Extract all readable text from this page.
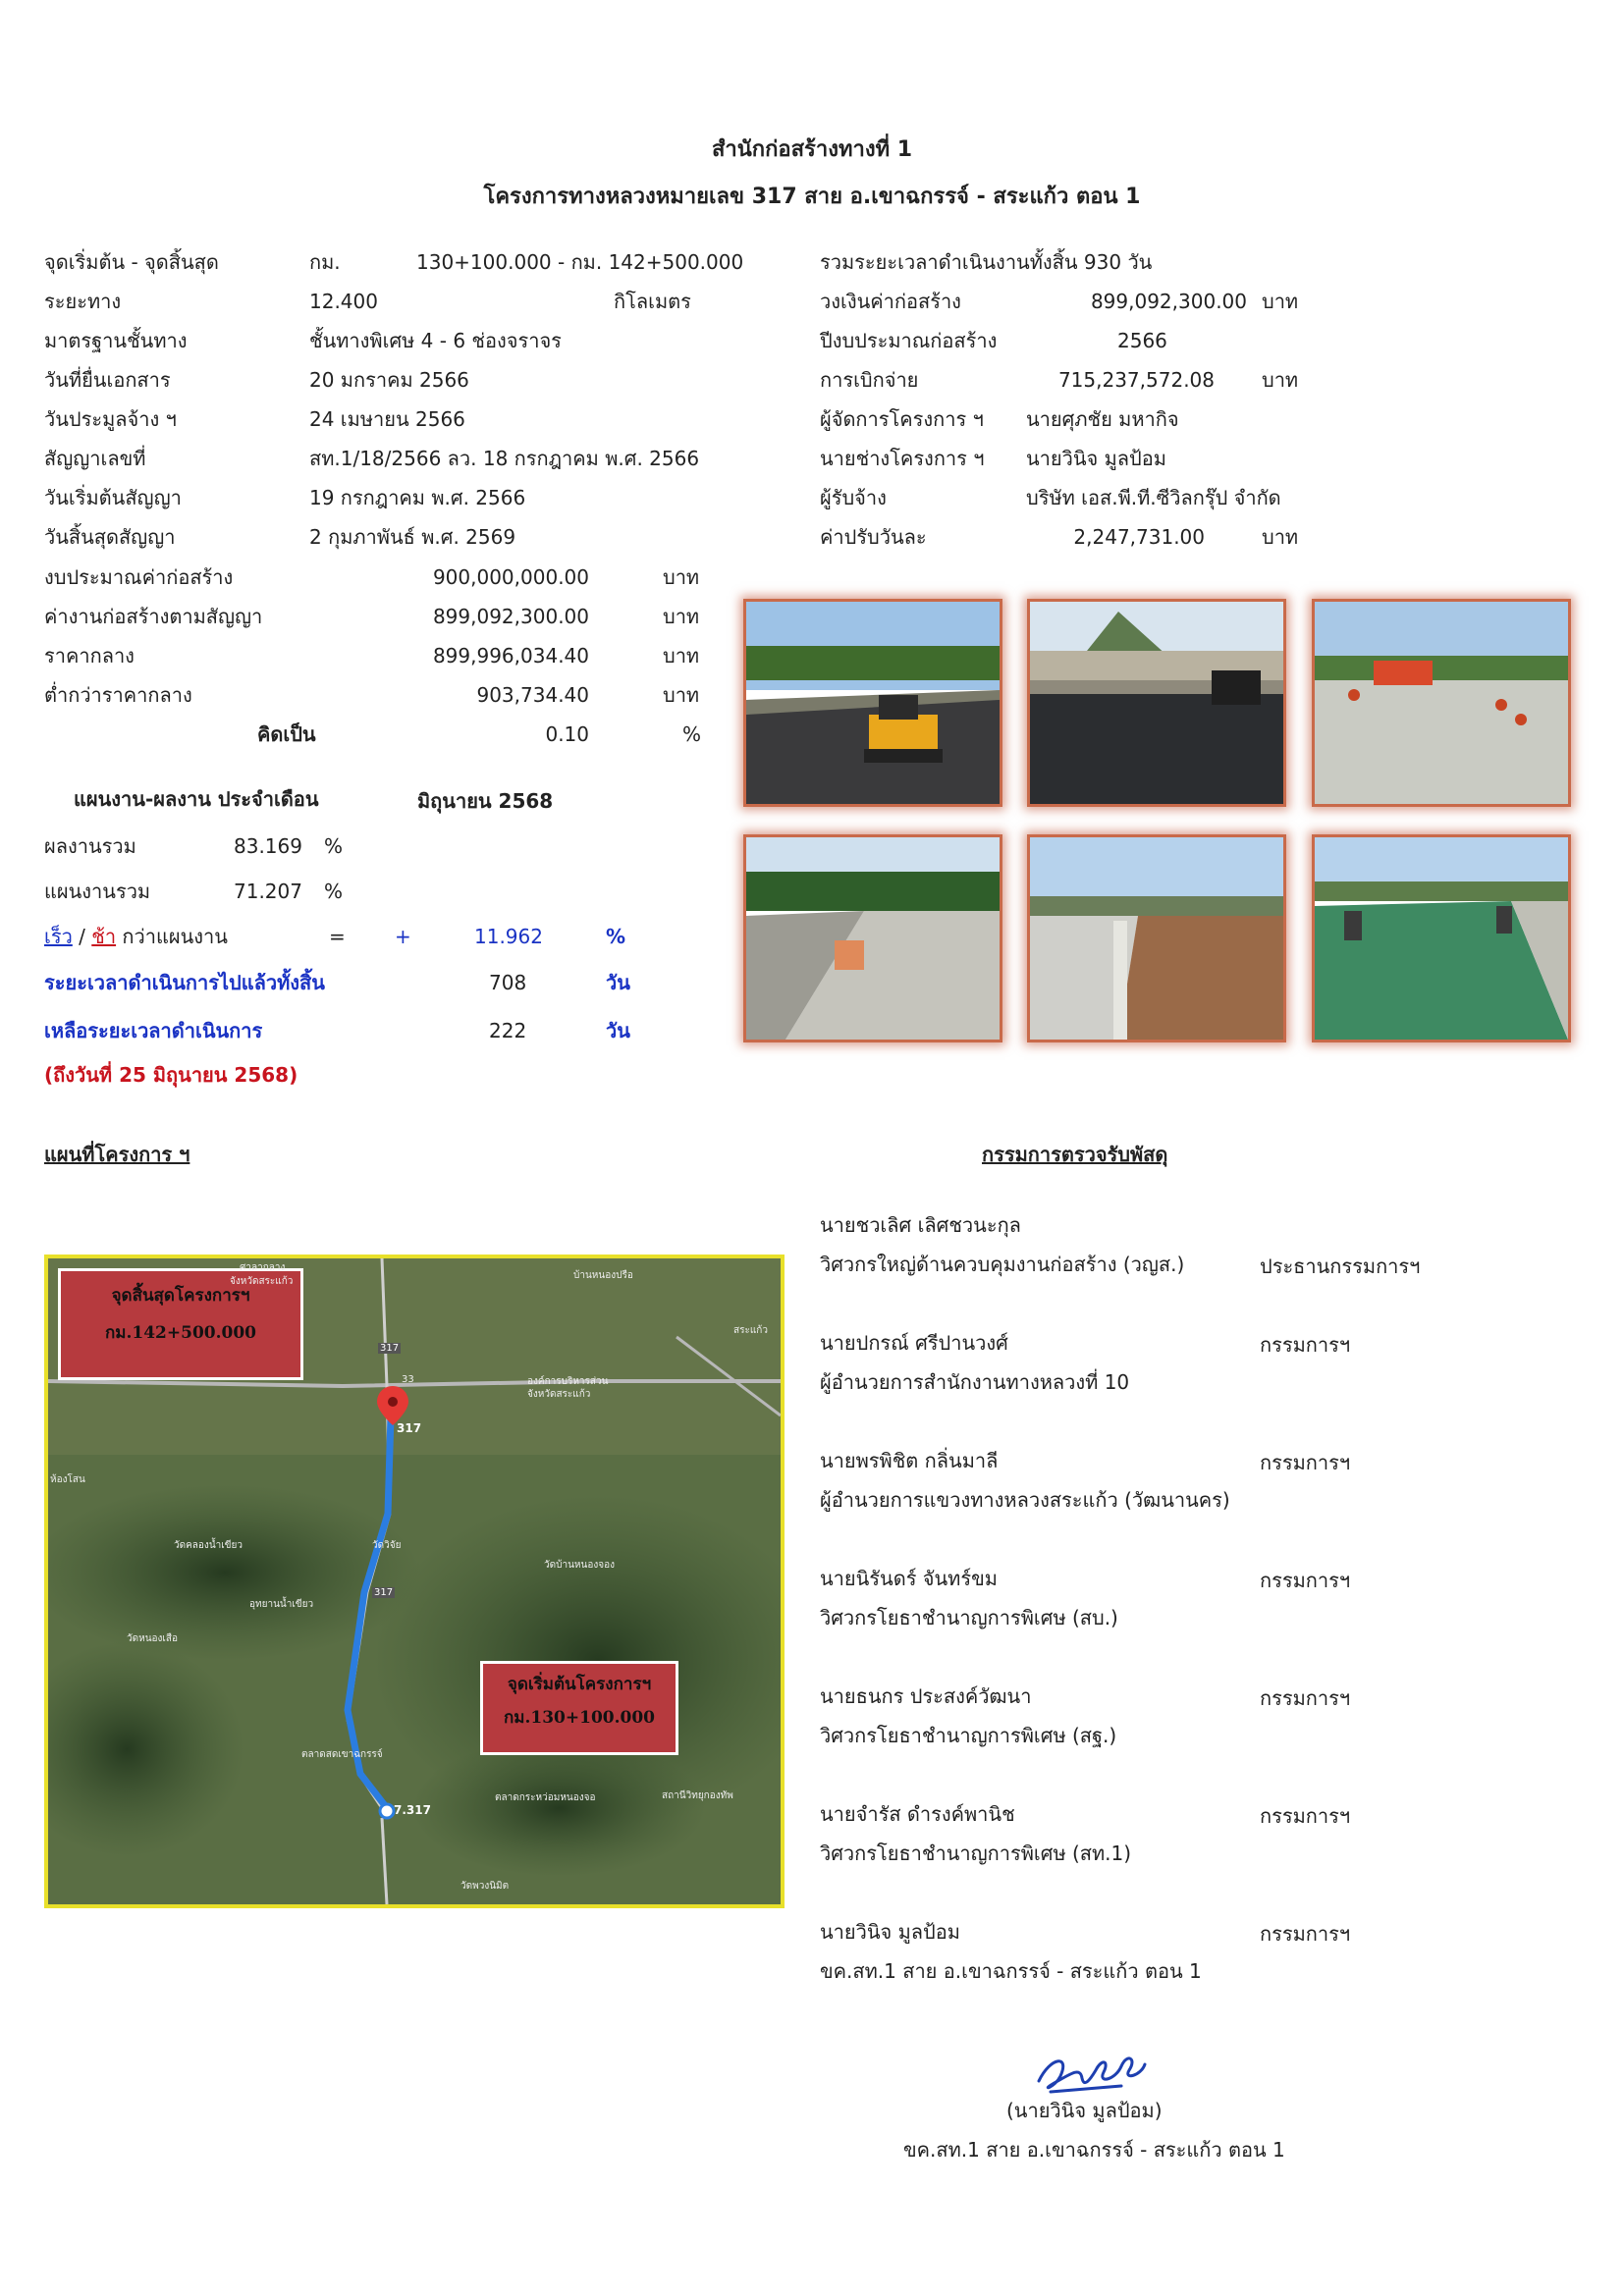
สำนักก่อสร้างทางที่ 1
โครงการทางหลวงหมายเลข 317 สาย อ.เขาฉกรรจ์ - สระแก้ว ตอน 1
จุดเริ่มต้น - จุดสิ้นสุด	กม.	130+100.000 - กม. 142+500.000
ระยะทาง	12.400	กิโลเมตร
มาตรฐานชั้นทาง	ชั้นทางพิเศษ 4 - 6 ช่องจราจร
วันที่ยื่นเอกสาร	20 มกราคม 2566
วันประมูลจ้าง ฯ	24 เมษายน 2566
สัญญาเลขที่	สท.1/18/2566 ลว. 18 กรกฎาคม พ.ศ. 2566
วันเริ่มต้นสัญญา	19 กรกฎาคม พ.ศ. 2566
วันสิ้นสุดสัญญา	2 กุมภาพันธ์ พ.ศ. 2569
งบประมาณค่าก่อสร้าง	900,000,000.00	บาท
ค่างานก่อสร้างตามสัญญา	899,092,300.00	บาท
ราคากลาง	899,996,034.40	บาท
ต่ำกว่าราคากลาง	903,734.40	บาท
คิดเป็น	0.10	%
รวมระยะเวลาดำเนินงานทั้งสิ้น 930 วัน
วงเงินค่าก่อสร้าง	899,092,300.00 บาท
ปีงบประมาณก่อสร้าง	2566
การเบิกจ่าย	715,237,572.08 บาท
ผู้จัดการโครงการ ฯ นายศุภชัย มหากิจ
นายช่างโครงการ ฯ นายวินิจ มูลป้อม
ผู้รับจ้าง	บริษัท เอส.พี.ที.ซีวิลกรุ๊ป จำกัด
ค่าปรับวันละ	2,247,731.00	บาท
แผนงาน-ผลงาน ประจำเดือน	มิถุนายน 2568
ผลงานรวม	83.169 %
แผนงานรวม	71.207 %
เร็ว / ช้า กว่าแผนงาน	=	+	11.962	%
ระยะเวลาดำเนินการไปแล้วทั้งสิ้น	708	วัน
เหลือระยะเวลาดำเนินการ	222	วัน
(ถึงวันที่ 25 มิถุนายน 2568)
แผนที่โครงการ ฯ
จุดสิ้นสุดโครงการฯ
กม.142+500.000
จุดเริ่มต้นโครงการฯ
กม.130+100.000
ศาลากลาง
จังหวัดสระแก้ว
บ้านหนองปรือ
สระแก้ว
องค์การบริหารส่วน
จังหวัดสระแก้ว
317
33
ห้องโสน
วัดคลองน้ำเขียว	วัดวิจัย
วัดบ้านหนองจอง
อุทยานน้ำเขียว
วัดหนองเสือ
ตลาดสดเขาฉกรรจ์
ตลาดกระหว่อมหนองจอ	สถานีวิทยุกองทัพ
วัดพวงนิมิต
7.317
317
317
กรรมการตรวจรับพัสดุ
นายชวเลิศ เลิศชวนะกุล
วิศวกรใหญ่ด้านควบคุมงานก่อสร้าง (วญส.)	ประธานกรรมการฯ
นายปกรณ์ ศรีปานวงศ์	กรรมการฯ
ผู้อำนวยการสำนักงานทางหลวงที่ 10
นายพรพิชิต กลิ่นมาลี	กรรมการฯ
ผู้อำนวยการแขวงทางหลวงสระแก้ว (วัฒนานคร)
นายนิรันดร์ จันทร์ขม	กรรมการฯ
วิศวกรโยธาชำนาญการพิเศษ (สบ.)
นายธนกร ประสงค์วัฒนา	กรรมการฯ
วิศวกรโยธาชำนาญการพิเศษ (สฐ.)
นายจำรัส ดำรงค์พานิช	กรรมการฯ
วิศวกรโยธาชำนาญการพิเศษ (สท.1)
นายวินิจ มูลป้อม	กรรมการฯ
ขค.สท.1 สาย อ.เขาฉกรรจ์ - สระแก้ว ตอน 1
(นายวินิจ มูลป้อม)
ขค.สท.1 สาย อ.เขาฉกรรจ์ - สระแก้ว ตอน 1
